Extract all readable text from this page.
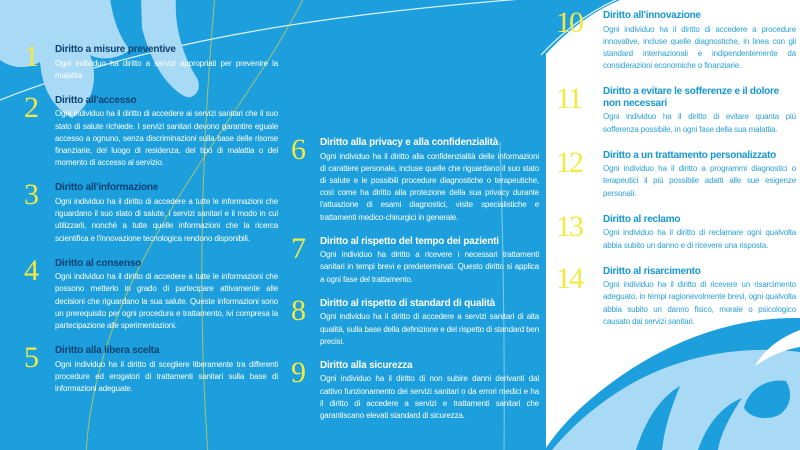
1	Diritto a misure preventive

Ogni individuo ha diritto a servizi appropriati per prevenire la malattia.

2	Diritto all'accesso

Ogni individuo ha il diritto di accedere ai servizi sanitari che il suo stato di salute richiede. I servizi sanitari devono garantire eguale accesso a ognuno, senza discriminazioni sulla base delle risorse finanziarie, del luogo di residenza, del tipo di malattia o del momento di accesso al servizio.

3	Diritto all'informazione

Ogni individuo ha il diritto di accedere a tutte le informazioni che riguardano il suo stato di salute, i servizi sanitari e il modo in cui utilizzarli, nonché a tutte quelle informazioni che la ricerca scientifica e l'innovazione tecnologica rendono disponibili.

4	Diritto al consenso

Ogni individuo ha il diritto di accedere a tutte le informazioni che possono metterlo in grado di partecipare attivamente alle decisioni che riguardano la sua salute. Queste informazioni sono un prerequisito per ogni procedura e trattamento, ivi compresa la partecipazione alle sperimentazioni.

5	Diritto alla libera scelta

Ogni individuo ha il diritto di scegliere liberamente tra differenti procedure ed erogatori di trattamenti sanitari sulla base di informazioni adeguate.

6	Diritto alla privacy e alla confidenzialità

Ogni individuo ha il diritto alla confidenzialità delle informazioni di carattere personale, incluse quelle che riguardano il suo stato di salute e le possibili procedure diagnostiche o terapeutiche, così come ha diritto alla protezione della sua privacy durante l'attuazione di esami diagnostici, visite specialistiche e trattamenti medico-chirurgici in generale.

7	Diritto al rispetto del tempo dei pazienti

Ogni individuo ha diritto a ricevere i necessari trattamenti sanitari in tempi brevi e predeterminati. Questo diritto si applica a ogni fase del trattamento.

8	Diritto al rispetto di standard di qualità

Ogni individuo ha il diritto di accedere a servizi sanitari di alta qualità, sulla base della definizione e del rispetto di standard ben precisi.

9	Diritto alla sicurezza

Ogni individuo ha il diritto di non subire danni derivanti dal cattivo funzionamento dei servizi sanitari o da errori medici e ha il diritto di accedere a servizi e trattamenti sanitari che garantiscano elevati standard di sicurezza.

10	Diritto all'innovazione

Ogni individuo ha il diritto di accedere a procedure innovative, incluse quelle diagnostiche, in linea con gli standard internazionali e indipendentemente da considerazioni economiche o finanziarie.

11	Diritto a evitare le sofferenze e il dolore non necessari

Ogni individuo ha il diritto di evitare quanta più sofferenza possibile, in ogni fase della sua malattia.

12	Diritto a un trattamento personalizzato

Ogni individuo ha il diritto a programmi diagnostici o terapeutici il più possibile adatti alle sue esigenze personali.

13	Diritto al reclamo

Ogni individuo ha il diritto di reclamare ogni qualvolta abbia subito un danno e di ricevere una risposta.

14	Diritto al risarcimento

Ogni individuo ha il diritto di ricevere un risarcimento adeguato, in tempi ragionevolmente brevi, ogni qualvolta abbia subito un danno fisico, morale o psicologico causato dai servizi sanitari.
